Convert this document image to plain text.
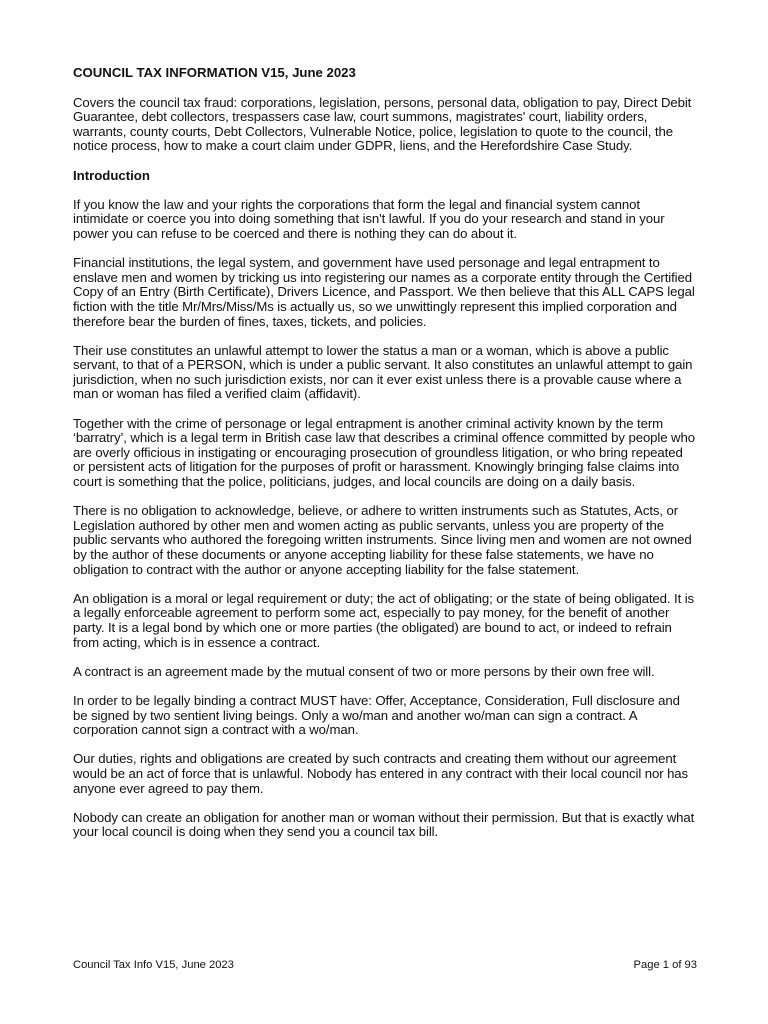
COUNCIL TAX INFORMATION V15, June 2023

Covers the council tax fraud: corporations, legislation, persons, personal data, obligation to pay, Direct Debit Guarantee, debt collectors, trespassers case law, court summons, magistrates' court, liability orders, warrants, county courts, Debt Collectors, Vulnerable Notice, police, legislation to quote to the council, the notice process, how to make a court claim under GDPR, liens, and the Herefordshire Case Study.

Introduction

If you know the law and your rights the corporations that form the legal and financial system cannot intimidate or coerce you into doing something that isn't lawful. If you do your research and stand in your power you can refuse to be coerced and there is nothing they can do about it.

Financial institutions, the legal system, and government have used personage and legal entrapment to enslave men and women by tricking us into registering our names as a corporate entity through the Certified Copy of an Entry (Birth Certificate), Drivers Licence, and Passport. We then believe that this ALL CAPS legal fiction with the title Mr/Mrs/Miss/Ms is actually us, so we unwittingly represent this implied corporation and therefore bear the burden of fines, taxes, tickets, and policies.

Their use constitutes an unlawful attempt to lower the status a man or a woman, which is above a public servant, to that of a PERSON, which is under a public servant. It also constitutes an unlawful attempt to gain jurisdiction, when no such jurisdiction exists, nor can it ever exist unless there is a provable cause where a man or woman has filed a verified claim (affidavit).

Together with the crime of personage or legal entrapment is another criminal activity known by the term ‘barratry’, which is a legal term in British case law that describes a criminal offence committed by people who are overly officious in instigating or encouraging prosecution of groundless litigation, or who bring repeated or persistent acts of litigation for the purposes of profit or harassment. Knowingly bringing false claims into court is something that the police, politicians, judges, and local councils are doing on a daily basis.

There is no obligation to acknowledge, believe, or adhere to written instruments such as Statutes, Acts, or Legislation authored by other men and women acting as public servants, unless you are property of the public servants who authored the foregoing written instruments. Since living men and women are not owned by the author of these documents or anyone accepting liability for these false statements, we have no obligation to contract with the author or anyone accepting liability for the false statement.

An obligation is a moral or legal requirement or duty; the act of obligating; or the state of being obligated. It is a legally enforceable agreement to perform some act, especially to pay money, for the benefit of another party. It is a legal bond by which one or more parties (the obligated) are bound to act, or indeed to refrain from acting, which is in essence a contract.

A contract is an agreement made by the mutual consent of two or more persons by their own free will.

In order to be legally binding a contract MUST have: Offer, Acceptance, Consideration, Full disclosure and be signed by two sentient living beings. Only a wo/man and another wo/man can sign a contract. A corporation cannot sign a contract with a wo/man.

Our duties, rights and obligations are created by such contracts and creating them without our agreement would be an act of force that is unlawful. Nobody has entered in any contract with their local council nor has anyone ever agreed to pay them.

Nobody can create an obligation for another man or woman without their permission. But that is exactly what your local council is doing when they send you a council tax bill.

Council Tax Info V15, June 2023	Page 1 of 93
